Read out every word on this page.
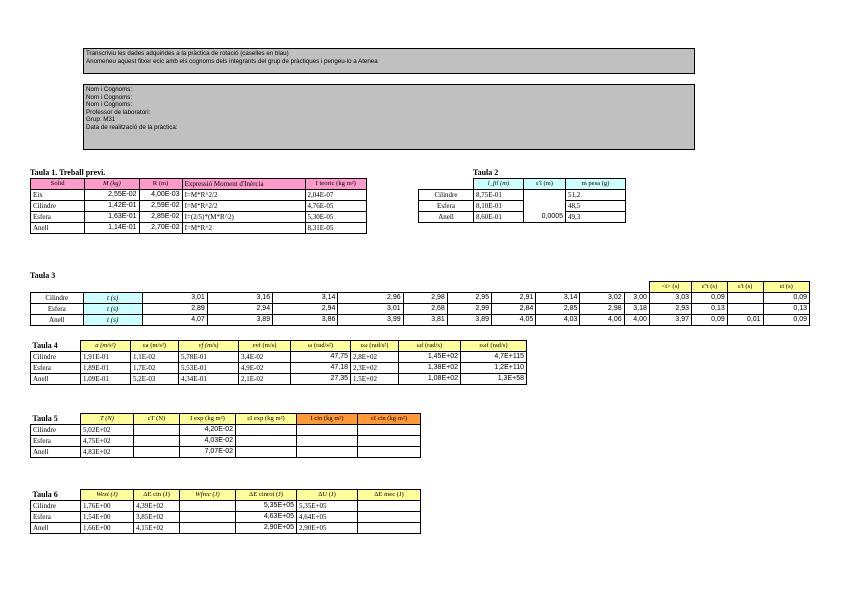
Transcriviu les dades adquirides a la pràctica de rotació (caselles en blau)
Anomeneu aquest fitxer ecic amb els cognoms dels integrants del grup de pràctiques i pengeu-lo a Atenea
Nom i Cognoms:
Nom i Cognoms:
Nom i Cognoms:
Professor de laboratori:
Grup: M31
Data de realització de la pràctica:
Taula 1. Treball previ.
Solid	M (kg)	R (m)	Expressió Moment d'Inèrcia	I teoric (kg m²)
Eix	2,55E-02	4,00E-03	I=M*R^2/2	2,04E-07
Cilindre	1,42E-01	2,59E-02	I=M*R^2/2	4,76E-05
Esfera	1,63E-01	2,85E-02	I=(2/5)*(M*R^2)	5,30E-05
Anell	1,14E-01	2,70E-02	I=M*R^2	8,31E-05
Taula 2
	l_fil (m)	ε'l (m)	m pesa (g)
Cilindre	8,75E-01		51,2
Esfera	8,10E-01		48,5
Anell	8,60E-01	0,0005	49,3
Taula 3
												<t> (s)	ε''t (s)	ε't (s)	εt (s)
Cilindre	t (s)	3,01	3,16	3,14	2,96	2,98	2,95	2,91	3,14	3,02	3,00	3,03	0,09		0,09
Esfera	t (s)	2,89	2,94	2,94	3,01	2,68	2,99	2,84	2,85	2,98	3,18	2,93	0,13		0,13
Anell	t (s)	4,07	3,89	3,86	3,99	3,81	3,89	4,05	4,03	4,06	4,00	3,97	0,09	0,01	0,09
Taula 4	a (m/s²)	εa (m/s²)	vf (m/s)	εvf (m/s)	ω (rad/s²)	εω (rad/s²)	ωf (rad/s)	εωf (rad/s)
Cilindre	1,91E-01	1,1E-02	5,78E-01	3,4E-02	47,75	2,8E+02	1,45E+02	4,7E+115
Esfera	1,89E-01	1,7E-02	5,53E-01	4,9E-02	47,18	2,3E+02	1,38E+02	1,2E+110
Anell	1,09E-01	5,2E-03	4,34E-01	2,1E-02	27,35	1,5E+02	1,08E+02	1,3E+58
Taula 5	T (N)	εT (N)	I exp (kg m²)	εI exp (kg m²)	I cin (kg m²)	εI cin (kg m²)
Cilindre	5,02E+02		4,20E-02			
Esfera	4,75E+02		4,03E-02			
Anell	4,83E+02		7,07E-02			
Taula 6	Wext (J)	ΔE cin (J)	Wfrec (J)	ΔE cinrot (J)	ΔU (J)	ΔE mec (J)
Cilindre	1,76E+00	4,39E+02		5,35E+05	5,35E+05	
Esfera	1,54E+00	3,85E+02		4,63E+05	4,64E+05	
Anell	1,66E+00	4,15E+02		2,90E+05	2,90E+05	
